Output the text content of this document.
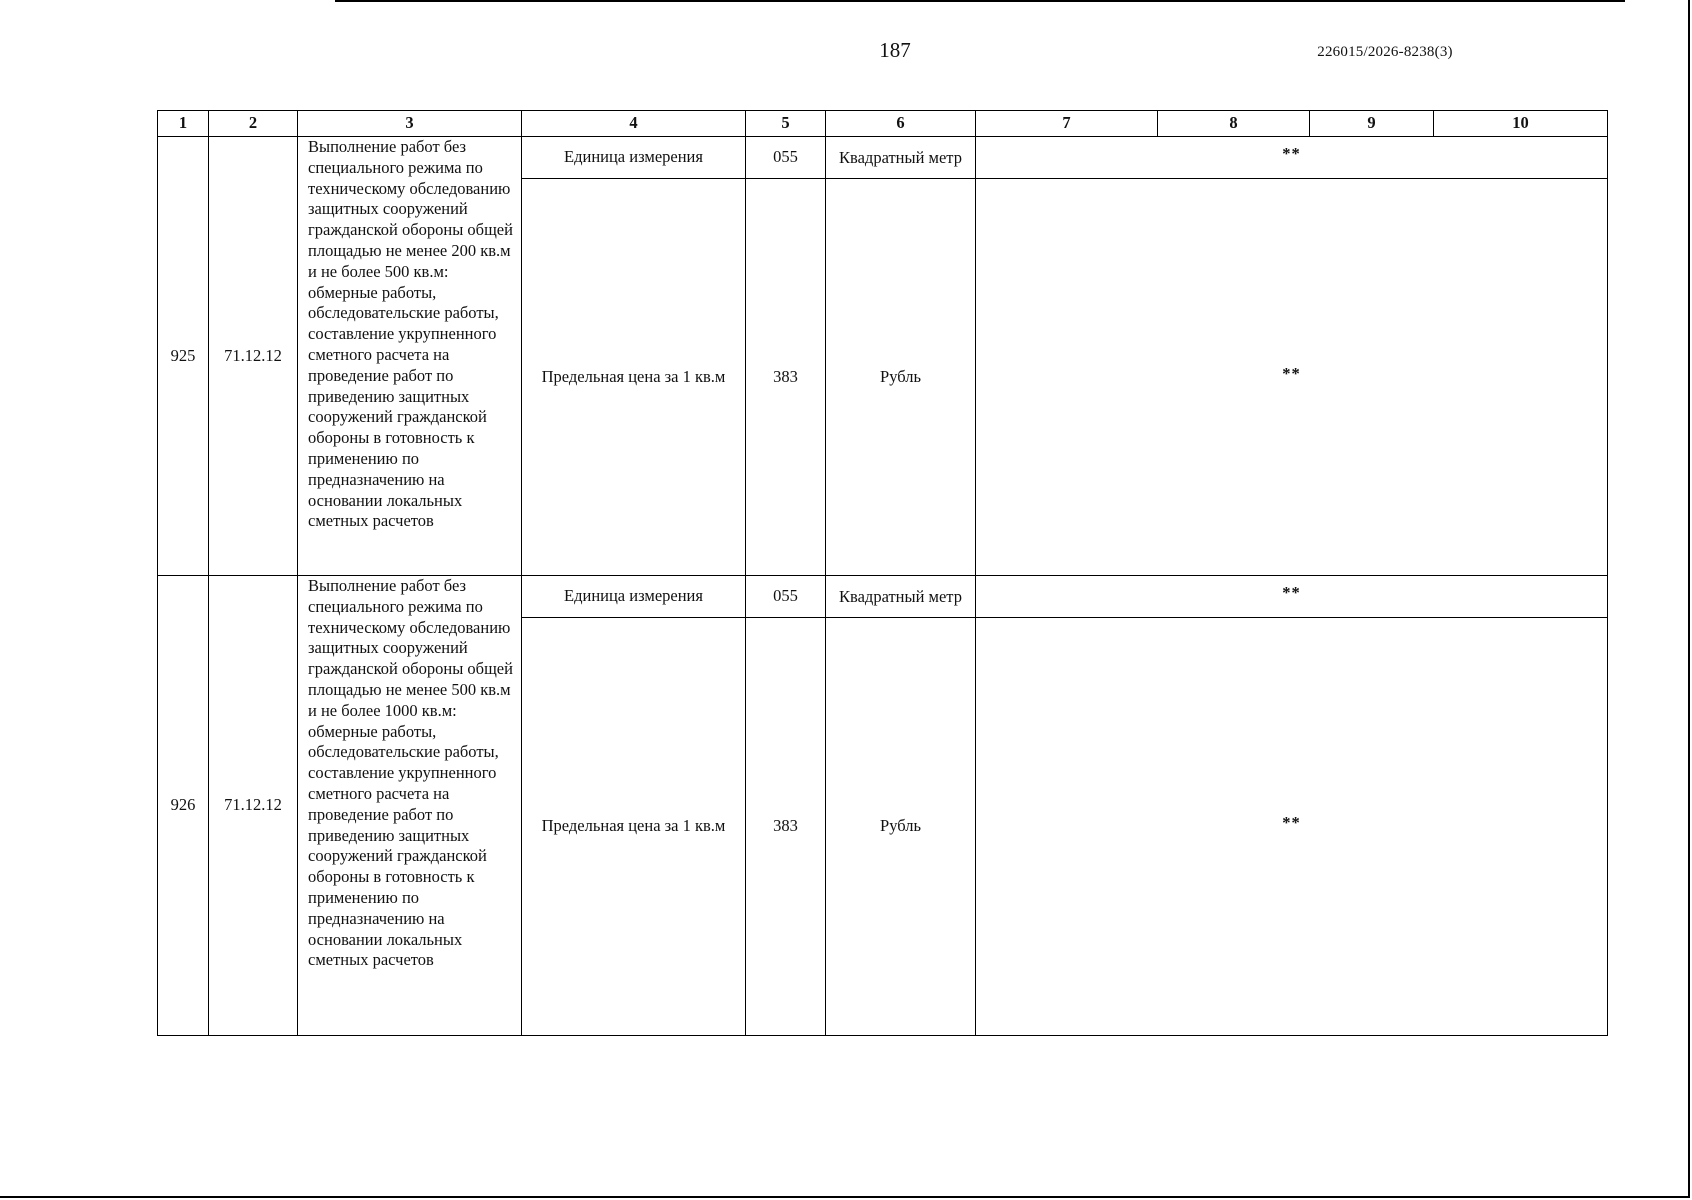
187	226015/2026-8238(3)
1	2	3	4	5	6	7	8	9	10
925	71.12.12	Выполнение работ без специального режима по техническому обследованию защитных сооружений гражданской обороны общей площадью не менее 200 кв.м и не более 500 кв.м: обмерные работы, обследовательские работы, составление укрупненного сметного расчета на проведение работ по приведению защитных сооружений гражданской обороны в готовность к применению по предназначению на основании локальных сметных расчетов	Единица измерения	055	Квадратный метр	**			
			Предельная цена за 1 кв.м	383	Рубль	**			
926	71.12.12	Выполнение работ без специального режима по техническому обследованию защитных сооружений гражданской обороны общей площадью не менее 500 кв.м и не более 1000 кв.м: обмерные работы, обследовательские работы, составление укрупненного сметного расчета на проведение работ по приведению защитных сооружений гражданской обороны в готовность к применению по предназначению на основании локальных сметных расчетов	Единица измерения	055	Квадратный метр	**			
			Предельная цена за 1 кв.м	383	Рубль	**			
